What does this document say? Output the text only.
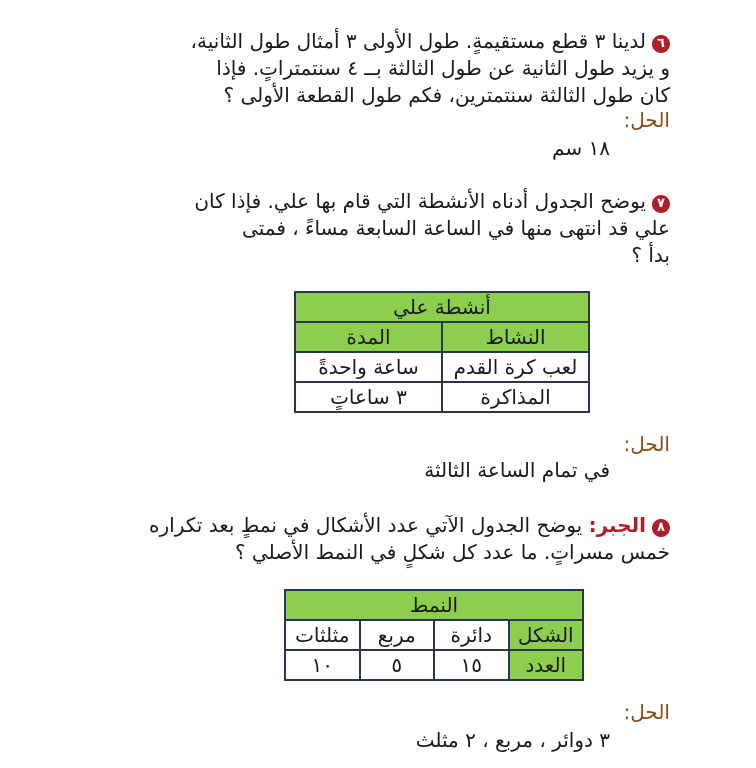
٦لدينا ٣ قطع مستقيمةٍ. طول الأولى ٣ أمثال طول الثانية،
و يزيد طول الثانية عن طول الثالثة بــ ٤ سنتمتراتٍ. فإذا
كان طول الثالثة سنتمترين، فكم طول القطعة الأولى ؟
الحل:
١٨ سم
٧يوضح الجدول أدناه الأنشطة التي قام بها علي. فإذا كان
علي قد انتهى منها في الساعة السابعة مساءً ، فمتى
بدأ ؟
أنشطة علي	
النشاط	المدة
لعب كرة القدم	ساعة واحدةً
المذاكرة	٣ ساعاتٍ
الحل:
في تمام الساعة الثالثة
٨الجبر: يوضح الجدول الآتي عدد الأشكال في نمطٍ بعد تكراره
خمس مسراتٍ. ما عدد كل شكلٍ في النمط الأصلي ؟
النمط			
الشكل	دائرة	مربع	مثلثات
العدد	١٥	٥	١٠
الحل:
٣ دوائر ، مربع ، ٢ مثلث
